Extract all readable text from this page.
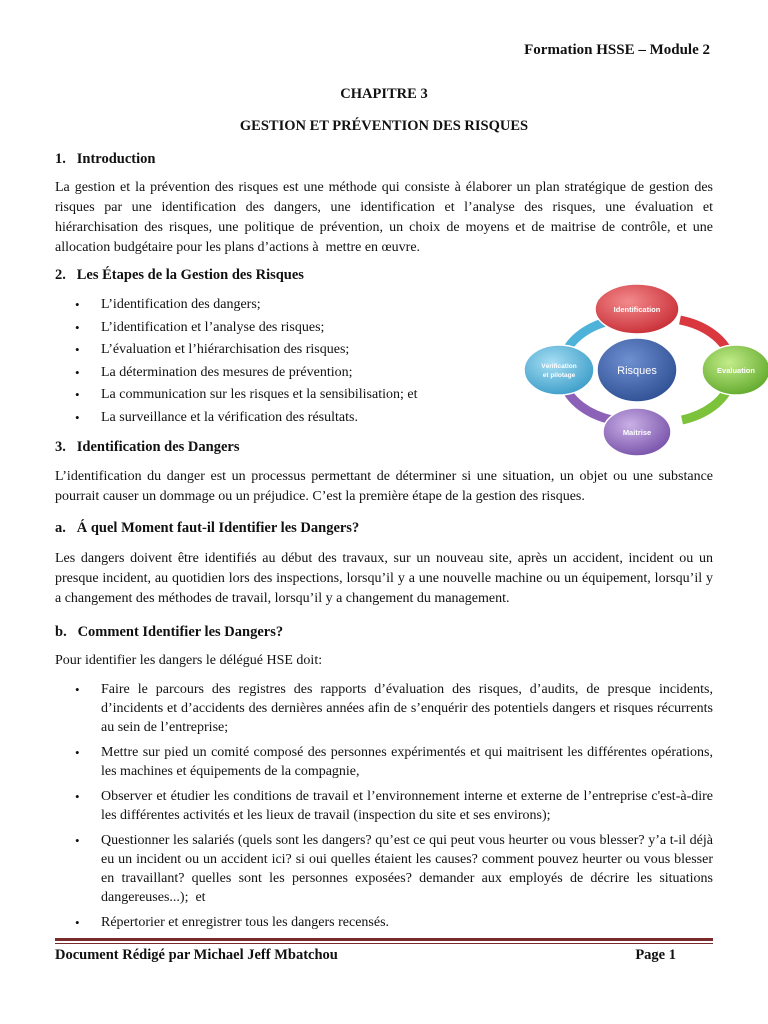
Formation HSSE – Module 2
CHAPITRE 3
GESTION ET PRÉVENTION DES RISQUES
1.   Introduction

La gestion et la prévention des risques est une méthode qui consiste à élaborer un plan stratégique de gestion des risques par une identification des dangers, une identification et l’analyse des risques, une évaluation et hiérarchisation des risques, une politique de prévention, un choix de moyens et de maitrise de contrôle, et une allocation budgétaire pour les plans d’actions à  mettre en œuvre.

2.   Les Étapes de la Gestion des Risques
• L’identification des dangers;
• L’identification et l’analyse des risques;
• L’évaluation et l’hiérarchisation des risques;
• La détermination des mesures de prévention;
• La communication sur les risques et la sensibilisation; et
• La surveillance et la vérification des résultats.
Risques
Identification
Evaluation
Maitrise
Vérification
et pilotage
3.   Identification des Dangers

L’identification du danger est un processus permettant de déterminer si une situation, un objet ou une substance pourrait causer un dommage ou un préjudice. C’est la première étape de la gestion des risques.

a.   Á quel Moment faut-il Identifier les Dangers?

Les dangers doivent être identifiés au début des travaux, sur un nouveau site, après un accident, incident ou un presque incident, au quotidien lors des inspections, lorsqu’il y a une nouvelle machine ou un équipement, lorsqu’il y a changement des méthodes de travail, lorsqu’il y a changement du management.

b.   Comment Identifier les Dangers?

Pour identifier les dangers le délégué HSE doit:

• Faire le parcours des registres des rapports d’évaluation des risques, d’audits, de presque incidents, d’incidents et d’accidents des dernières années afin de s’enquérir des potentiels dangers et risques récurrents au sein de l’entreprise;
• Mettre sur pied un comité composé des personnes expérimentés et qui maitrisent les différentes opérations, les machines et équipements de la compagnie,
• Observer et étudier les conditions de travail et l’environnement interne et externe de l’entreprise c'est-à-dire les différentes activités et les lieux de travail (inspection du site et ses environs);
• Questionner les salariés (quels sont les dangers? qu’est ce qui peut vous heurter ou vous blesser? y’a t-il déjà eu un incident ou un accident ici? si oui quelles étaient les causes? comment pouvez heurter ou vous blesser en travaillant? quelles sont les personnes exposées? demander aux employés de décrire les situations dangereuses...);  et
• Répertorier et enregistrer tous les dangers recensés.
Document Rédigé par Michael Jeff Mbatchou	Page 1
